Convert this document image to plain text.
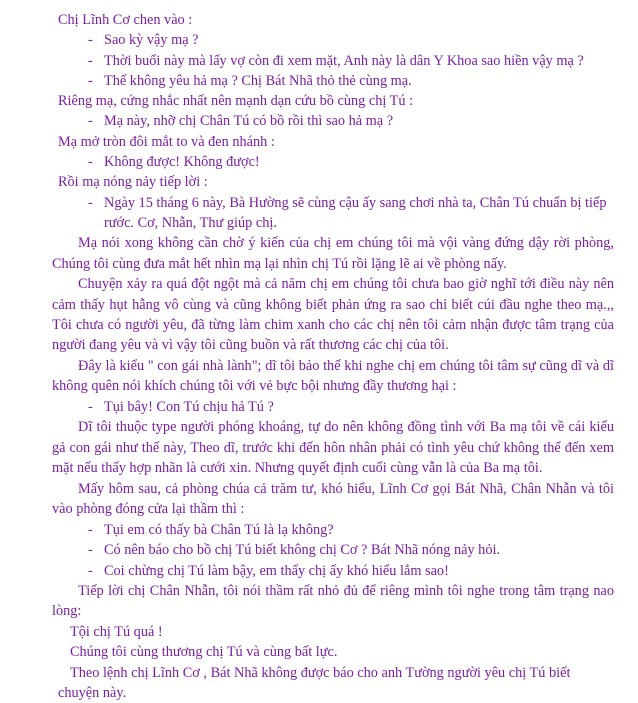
Chị Lĩnh Cơ chen vào :

- Sao kỳ vậy mạ ?
- Thời buổi này mà lấy vợ còn đi xem mặt, Anh này là dân Y Khoa sao hiền vậy mạ ?
- Thế không yêu hả mạ ? Chị Bát Nhã thỏ thẻ cùng mạ.

Riêng mạ, cứng nhắc nhất nên mạnh dạn cứu bồ cùng chị Tú :

- Mạ này, nhỡ chị Chân Tú có bồ rồi thì sao hả mạ ?

Mạ mở tròn đôi mắt to và đen nhánh :

- Không được! Không được!

Rồi mạ nóng nảy tiếp lời :

- Ngày 15 tháng 6 này, Bà Hường sẽ cùng cậu ấy sang chơi nhà ta, Chân Tú chuẩn bị tiếp rước. Cơ, Nhẫn, Thư giúp chị.

Mạ nói xong không cần chờ ý kiến của chị em chúng tôi mà vội vàng đứng dậy rời phòng, Chúng tôi cùng đưa mắt hết nhìn mạ lại nhìn chị Tú rồi lặng lẽ ai về phòng nấy.

Chuyện xảy ra quá đột ngột mà cả năm chị em chúng tôi chưa bao giờ nghĩ tới điều này nên cảm thấy hụt hẫng vô cùng và cũng không biết phản ứng ra sao chỉ biết cúi đầu nghe theo mạ.,, Tôi chưa có người yêu, đã từng làm chim xanh cho các chị nên tôi cảm nhận được tâm trạng của người đang yêu và vì vậy tôi cũng buồn và rất thương các chị của tôi.

Đây là kiểu " con gái nhà lành"; dĩ tôi bảo thế khi nghe chị em chúng tôi tâm sự cũng dĩ và dĩ không quên nói khích chúng tôi với vẻ bực bội nhưng đầy thương hại :

- Tụi bây! Con Tú chịu hả Tú ?

Dĩ tôi thuộc type người phóng khoáng, tự do nên không đồng tình với Ba mạ tôi về cái kiểu gả con gái như thế này, Theo dĩ, trước khi đến hôn nhân phải có tình yêu chứ không thể đến xem mặt nếu thấy hợp nhãn là cưới xin. Nhưng quyết định cuối cùng vẫn là của Ba mạ tôi.

Mấy hôm sau, cả phòng chúa cả trăm tư, khó hiểu, Lĩnh Cơ gọi Bát Nhã, Chân Nhẫn và tôi vào phòng đóng cửa lại thầm thì :

- Tụi em có thấy bà Chân Tú là lạ không?
- Có nên báo cho bồ chị Tú biết không chị Cơ ? Bát Nhã nóng nảy hỏi.
- Coi chừng chị Tú làm bậy, em thấy chị ấy khó hiểu lắm sao!

Tiếp lời chị Chân Nhẫn, tôi nói thầm rất nhỏ đủ để riêng mình tôi nghe trong tâm trạng nao lòng:

Tội chị Tú quá !

Chúng tôi cùng thương chị Tú và cùng bất lực.

Theo lệnh chị Lĩnh Cơ , Bát Nhã không được báo cho anh Tường người yêu chị Tú biết

chuyện này.
